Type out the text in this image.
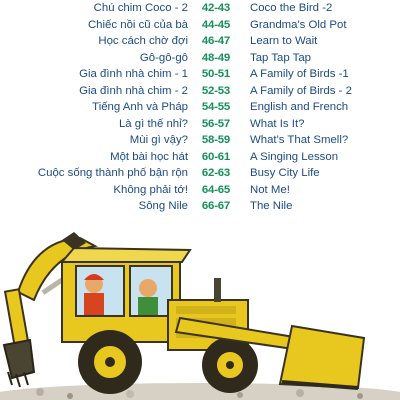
Chú chim Coco - 2	42-43	Coco the Bird -2
Chiếc nồi cũ của bà	44-45	Grandma's Old Pot
Học cách chờ đợi	46-47	Learn to Wait
Gô-gô-gô	48-49	Tap Tap Tap
Gia đình nhà chim - 1	50-51	A Family of Birds -1
Gia đình nhà chim - 2	52-53	A Family of Birds - 2
Tiếng Anh và Pháp	54-55	English and French
Là gì thế nhỉ?	56-57	What Is It?
Mùi gì vậy?	58-59	What's That Smell?
Một bài học hát	60-61	A Singing Lesson
Cuộc sống thành phố bận rộn	62-63	Busy City Life
Không phải tớ!	64-65	Not Me!
Sông Nile	66-67	The Nile
